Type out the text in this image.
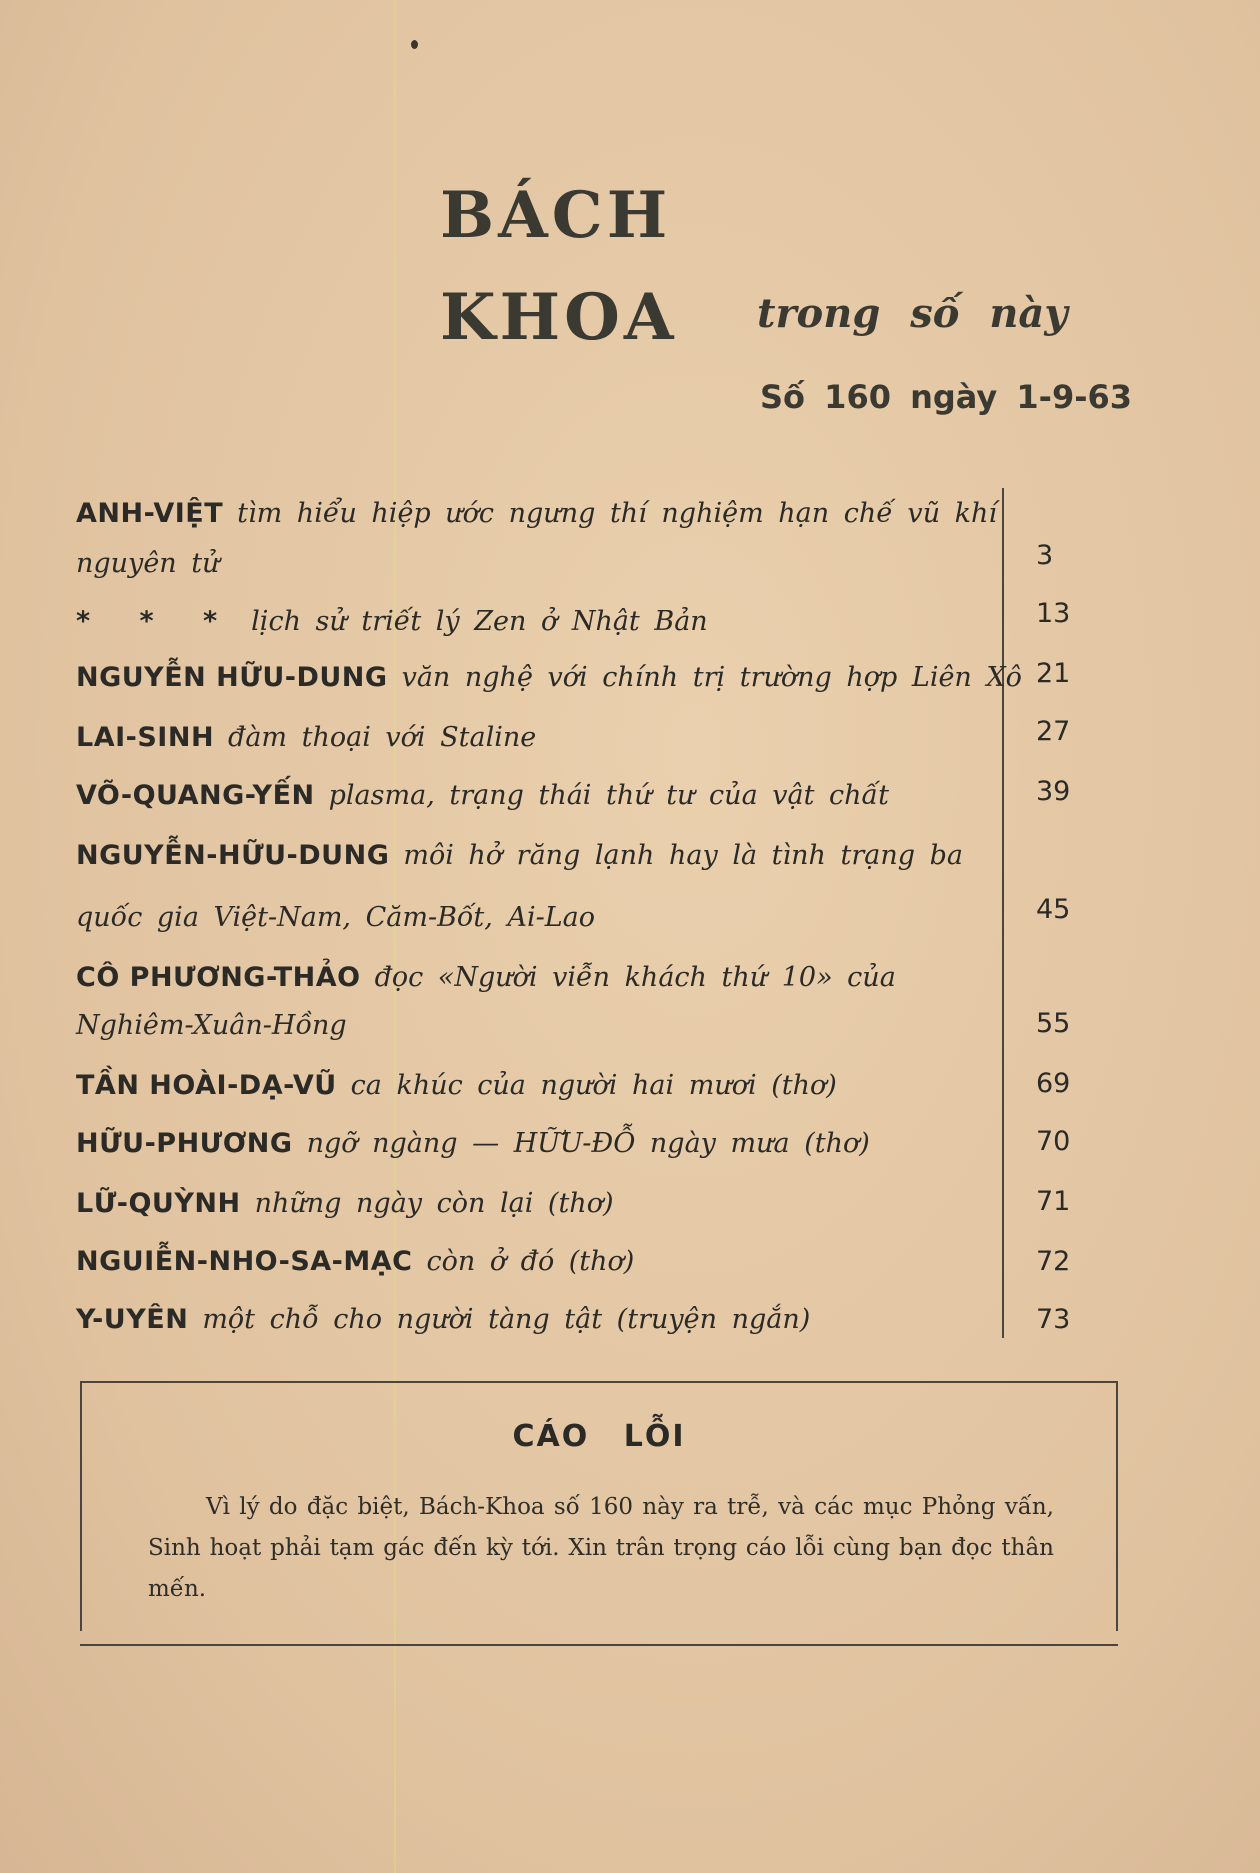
BÁCH
KHOA trong số này
Số 160 ngày 1-9-63
ANH-VIỆT tìm hiểu hiệp ước ngưng thí nghiệm hạn chế vũ khí
nguyên tử	3
* * * lịch sử triết lý Zen ở Nhật Bản	13
NGUYỄN HỮU-DUNG văn nghệ với chính trị trường hợp Liên Xô 21
LAI-SINH đàm thoại với Staline	27
VÕ-QUANG-YẾN plasma, trạng thái thứ tư của vật chất	39
NGUYỄN-HỮU-DUNG môi hở răng lạnh hay là tình trạng ba
quốc gia Việt-Nam, Căm-Bốt, Ai-Lao	45
CÔ PHƯƠNG-THẢO đọc «Người viễn khách thứ 10» của
Nghiêm-Xuân-Hồng	55
TẦN HOÀI-DẠ-VŨ ca khúc của người hai mươi (thơ)	69
HỮU-PHƯƠNG ngỡ ngàng — HỮU-ĐỖ ngày mưa (thơ)	70
LỮ-QUỲNH những ngày còn lại (thơ)	71
NGUIỄN-NHO-SA-MẠC còn ở đó (thơ)	72
Y-UYÊN một chỗ cho người tàng tật (truyện ngắn)	73
CÁO LỖI
Vì lý do đặc biệt, Bách-Khoa số 160 này ra trễ, và các mục Phỏng vấn, Sinh hoạt phải tạm gác đến kỳ tới. Xin trân trọng cáo lỗi cùng bạn đọc thân mến.
